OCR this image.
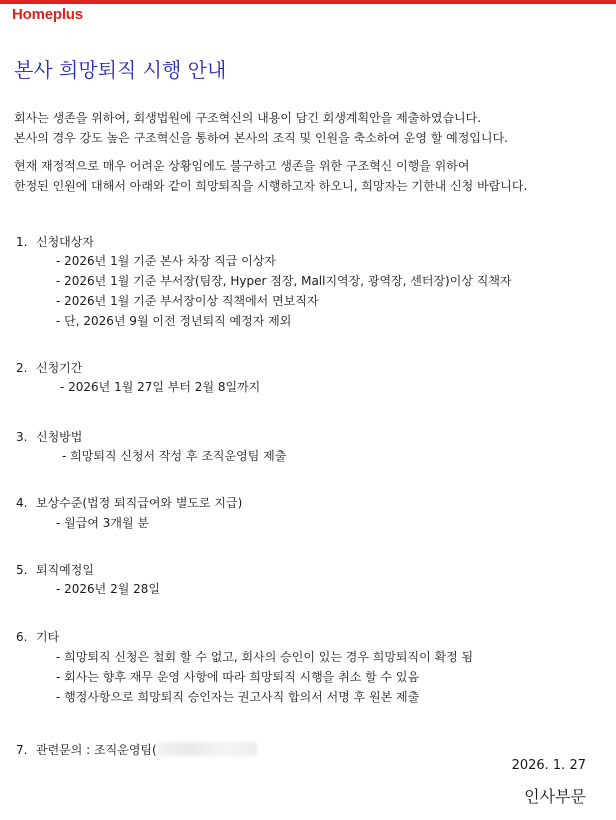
Homeplus
본사 희망퇴직 시행 안내

회사는 생존을 위하여, 회생법원에 구조혁신의 내용이 담긴 회생계획안을 제출하였습니다.

본사의 경우 강도 높은 구조혁신을 통하여 본사의 조직 및 인원을 축소하여 운영 할 예정입니다.

현재 재정적으로 매우 어려운 상황임에도 불구하고 생존을 위한 구조혁신 이행을 위하여

한정된 인원에 대해서 아래와 같이 희망퇴직을 시행하고자 하오니, 희망자는 기한내 신청 바랍니다.

1. 신청대상자
- 2026년 1월 기준 본사 차장 직급 이상자
- 2026년 1월 기준 부서장(팀장, Hyper 점장, Mall지역장, 광역장, 센터장)이상 직책자
- 2026년 1월 기준 부서장이상 직책에서 면보직자
- 단, 2026년 9월 이전 정년퇴직 예정자 제외
2. 신청기간
- 2026년 1월 27일 부터 2월 8일까지
3. 신청방법
- 희망퇴직 신청서 작성 후 조직운영팀 제출
4. 보상수준(법정 퇴직급여와 별도로 지급)
- 월급여 3개월 분
5. 퇴직예정일
- 2026년 2월 28일
6. 기타
- 희망퇴직 신청은 철회 할 수 없고, 회사의 승인이 있는 경우 희망퇴직이 확정 됨
- 회사는 향후 재무 운영 사항에 따라 희망퇴직 시행을 취소 할 수 있음
- 행정사항으로 희망퇴직 승인자는 권고사직 합의서 서명 후 원본 제출
7. 관련문의 : 조직운영팀(
2026. 1. 27
인사부문
